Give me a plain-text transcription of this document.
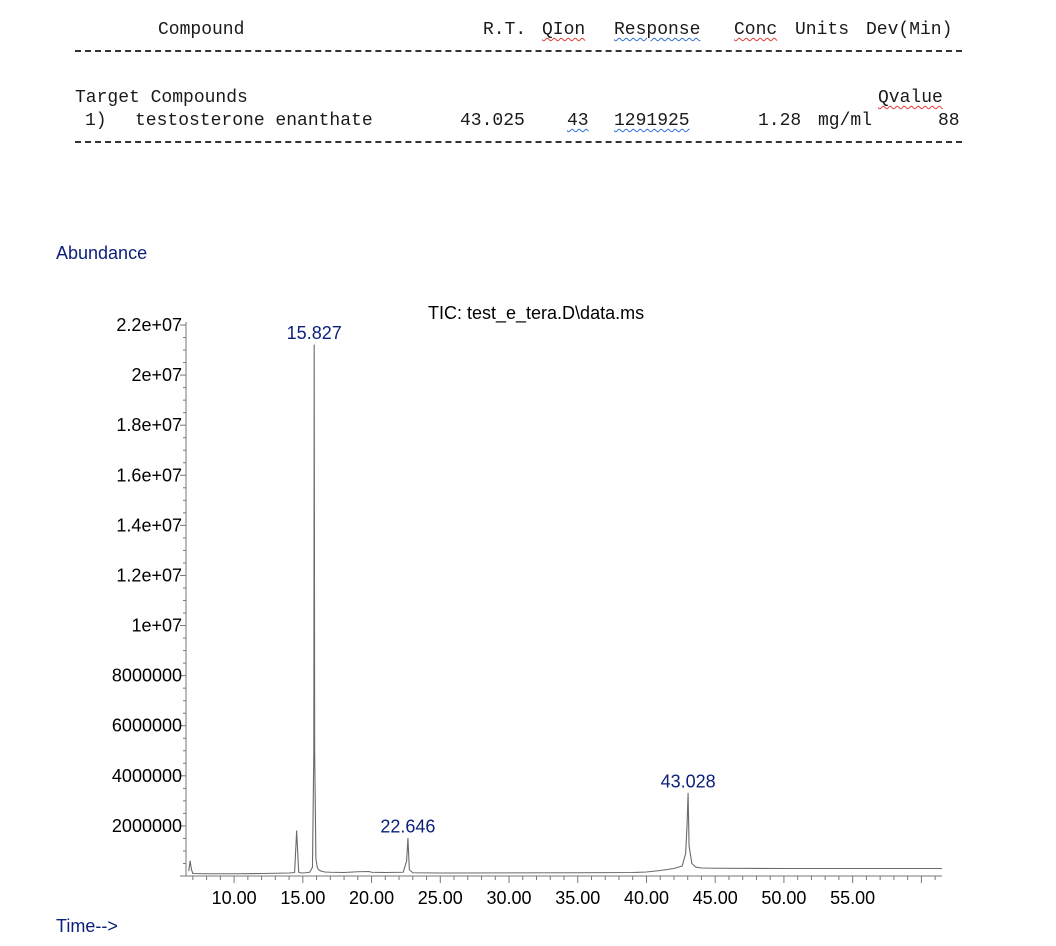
Compound	R.T. QIon Response Conc Units Dev(Min)
Target Compounds	Qvalue
1) testosterone enanthate	43.025 43 1291925	1.28 mg/ml	88
Abundance
TIC: test_e_tera.D\data.ms
Time-->
2000000
4000000
6000000
8000000
1e+07
1.2e+07
1.4e+07
1.6e+07
1.8e+07
2e+07
2.2e+07
10.00 15.00 20.00 25.00 30.00 35.00 40.00 45.00 50.00 55.00
15.827
22.646
43.028
